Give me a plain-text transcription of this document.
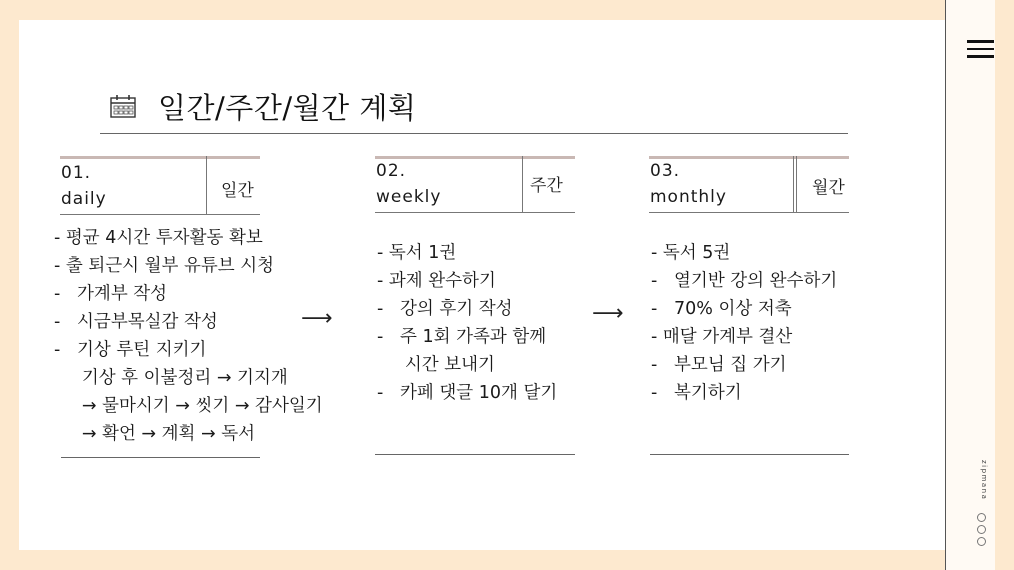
zipmana
일간/주간/월간 계획
01.
daily	일간
- 평균 4시간 투자활동 확보
- 출 퇴근시 월부 유튜브 시청
-   가계부 작성
-   시금부목실감 작성
-   기상 루틴 지키기
기상 후 이불정리 → 기지개
→ 물마시기 → 씻기 → 감사일기
→ 확언 → 계획 → 독서
⟶
02.
weekly
주간
- 독서 1권
- 과제 완수하기
-   강의 후기 작성
-   주 1회 가족과 함께
시간 보내기
-   카페 댓글 10개 달기
⟶
03.
monthly	월간
- 독서 5권
-   열기반 강의 완수하기
-   70% 이상 저축
- 매달 가계부 결산
-   부모님 집 가기
-   복기하기
